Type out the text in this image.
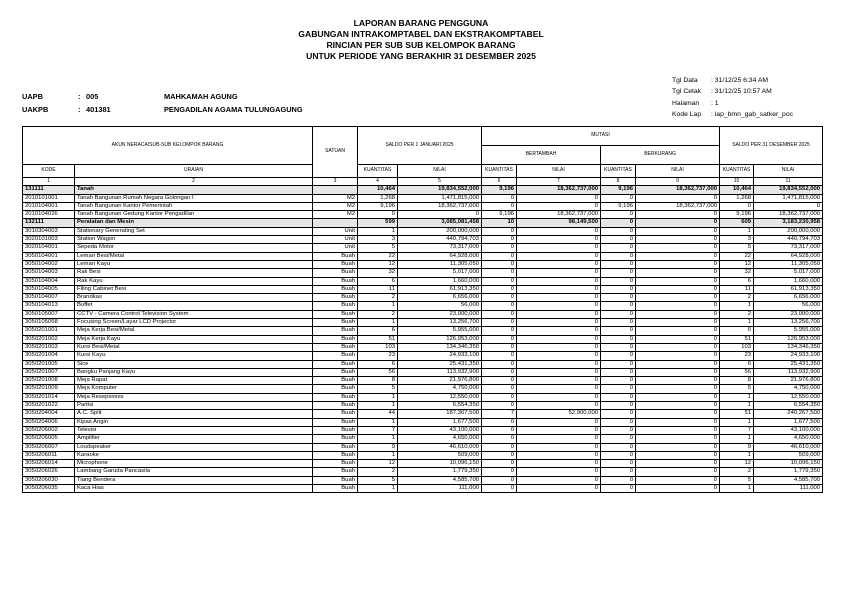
LAPORAN BARANG PENGGUNA
GABUNGAN INTRAKOMPTABEL DAN EKSTRAKOMPTABEL
RINCIAN PER SUB SUB KELOMPOK BARANG
UNTUK PERIODE YANG BERAKHIR 31 DESEMBER 2025
UAPB	: 005	MAHKAMAH AGUNG
UAKPB	: 401381	PENGADILAN AGAMA TULUNGAGUNG
Tgl Data	: 31/12/25 6:34 AM
Tgl Cetak	: 31/12/25 10:57 AM
Halaman	: 1
Kode Lap	: lap_bmn_gab_satker_poc
AKUN NERACA/SUB-SUB KELOMPOK BARANG		SATUAN	SALDO PER 1 JANUARI 2025		MUTASI				SALDO PER 31 DESEMBER 2025	
					BERTAMBAH		BERKURANG			
KODE	URAIAN		KUANTITAS	NILAI	KUANTITAS	NILAI	KUANTITAS	NILAI	KUANTITAS	NILAI
1	2	3	4	5	6	7	8	9	10	11
131111	Tanah		10,464	19,834,552,000	9,196	18,362,737,000	9,196	18,362,737,000	10,464	19,834,552,000
2010101001	Tanah Bangunan Rumah Negara Golongan I	M2	1,268	1,471,815,000	0	0	0	0	1,268	1,471,815,000
2010104001	Tanah Bangunan Kantor Pemerintah	M2	9,196	18,362,737,000	0	0	9,196	18,362,737,000	0	0
2010104026	Tanah Bangunan Gedung Kantor Pengadilan	M2	0	0	9,196	18,362,737,000	0	0	9,196	18,362,737,000
132111	Peralatan dan Mesin		599	3,085,081,458	10	98,149,500	0	0	609	3,183,230,958
3010304003	Stationary Generating Set	Unit	1	200,000,000	0	0	0	0	1	200,000,000
3020101003	Station Wagon	Unit	3	440,794,703	0	0	0	0	3	440,794,703
3020104001	Sepeda Motor	Unit	5	73,317,000	0	0	0	0	5	73,317,000
3050104001	Lemari Besi/Metal	Buah	22	64,928,000	0	0	0	0	22	64,928,000
3050104002	Lemari Kayu	Buah	12	11,305,050	0	0	0	0	12	11,305,050
3050104003	Rak Besi	Buah	32	5,017,000	0	0	0	0	32	5,017,000
3050104004	Rak Kayu	Buah	6	1,660,000	0	0	0	0	6	1,660,000
3050104005	Filing Cabinet Besi	Buah	11	61,913,350	0	0	0	0	11	61,913,350
3050104007	Brandkas	Buah	2	6,656,000	0	0	0	0	2	6,656,000
3050104013	Buffet	Buah	1	56,000	0	0	0	0	1	56,000
3050105007	CCTV - Camera Control Television System	Buah	2	23,000,000	0	0	0	0	2	23,000,000
3050105058	Focusing Screen/Layar LCD Projector	Buah	1	13,256,700	0	0	0	0	1	13,256,700
3050201001	Meja Kerja Besi/Metal	Buah	6	5,955,000	0	0	0	0	6	5,955,000
3050201002	Meja Kerja Kayu	Buah	51	126,953,000	0	0	0	0	51	126,953,000
3050201003	Kursi Besi/Metal	Buah	103	134,346,350	0	0	0	0	103	134,346,350
3050201004	Kursi Kayu	Buah	23	24,933,100	0	0	0	0	23	24,933,100
3050201005	Sice	Buah	6	25,431,350	0	0	0	0	6	25,431,350
3050201007	Bangku Panjang Kayu	Buah	56	113,932,900	0	0	0	0	56	113,932,900
3050201008	Meja Rapat	Buah	8	21,976,800	0	0	0	0	8	21,976,800
3050201009	Meja Komputer	Buah	5	4,750,000	0	0	0	0	5	4,750,000
3050201014	Meja Resepsionis	Buah	1	12,550,000	0	0	0	0	1	12,550,000
3050201022	Partisi	Buah	1	6,554,350	0	0	0	0	1	6,554,350
3050204004	A.C. Split	Buah	44	187,367,500	7	52,900,000	0	0	51	240,267,500
3050204006	Kipas Angin	Buah	1	1,677,500	0	0	0	0	1	1,677,500
3050206002	Televisi	Buah	7	43,100,000	0	0	0	0	7	43,100,000
3050206005	Amplifier	Buah	1	4,650,000	0	0	0	0	1	4,650,000
3050206007	Loudspeaker	Buah	9	46,610,000	0	0	0	0	9	46,610,000
3050206011	Karaoke	Buah	1	509,000	0	0	0	0	1	509,000
3050206014	Microphone	Buah	12	10,096,150	0	0	0	0	12	10,096,150
3050206026	Lambang Garuda Pancasila	Buah	2	1,779,350	0	0	0	0	2	1,779,350
3050206030	Tiang Bendera	Buah	5	4,585,700	0	0	0	0	5	4,585,700
3050206035	Kaca Hias	Buah	1	111,000	0	0	0	0	1	111,000
